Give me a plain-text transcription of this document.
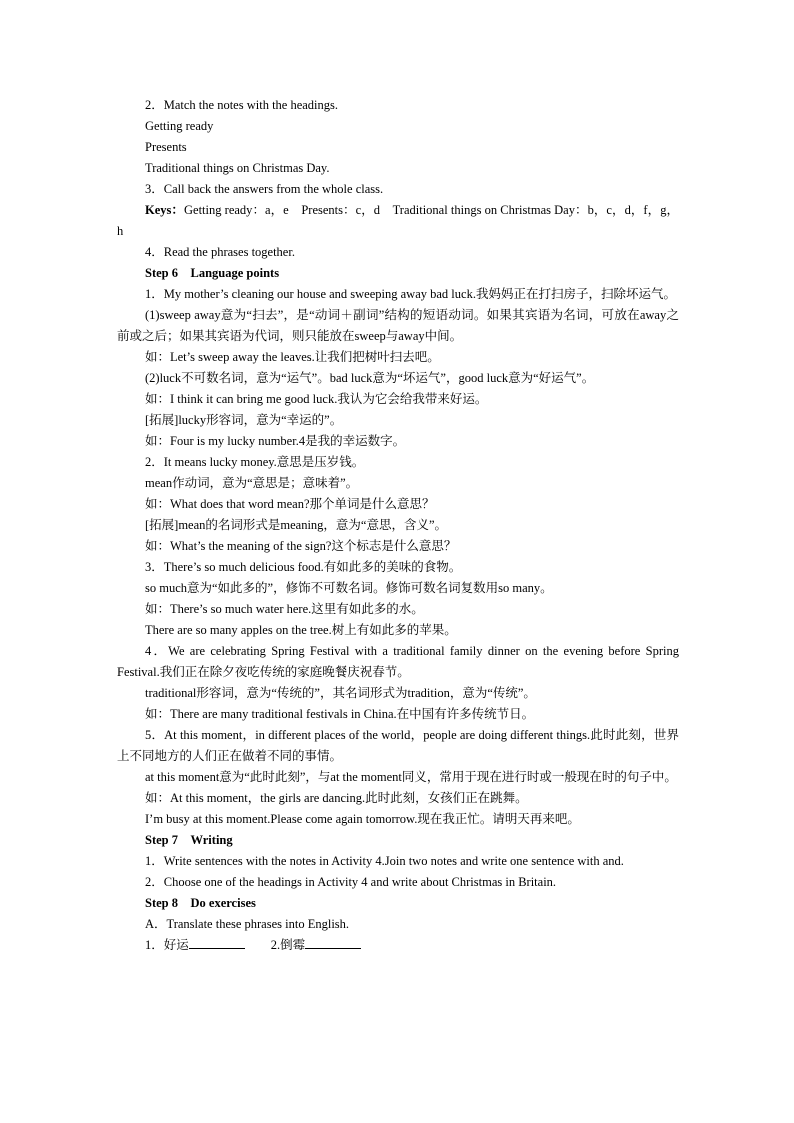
2．Match the notes with the headings.
Getting ready
Presents
Traditional things on Christmas Day.
3．Call back the answers from the whole class.
Keys：Getting ready：a，e　Presents：c，d　Traditional things on Christmas Day：b，c，d，f，g，h
4．Read the phrases together.
Step 6　Language points
1．My mother’s cleaning our house and sweeping away bad luck.我妈妈正在打扫房子，扫除坏运气。
(1)sweep away意为“扫去”，是“动词＋副词”结构的短语动词。如果其宾语为名词，可放在away之前或之后；如果其宾语为代词，则只能放在sweep与away中间。
如：Let’s sweep away the leaves.让我们把树叶扫去吧。
(2)luck不可数名词，意为“运气”。bad luck意为“坏运气”，good luck意为“好运气”。
如：I think it can bring me good luck.我认为它会给我带来好运。
[拓展]lucky形容词，意为“幸运的”。
如：Four is my lucky number.4是我的幸运数字。
2．It means lucky money.意思是压岁钱。
mean作动词，意为“意思是；意味着”。
如：What does that word mean?那个单词是什么意思？
[拓展]mean的名词形式是meaning，意为“意思，含义”。
如：What’s the meaning of the sign?这个标志是什么意思？
3．There’s so much delicious food.有如此多的美味的食物。
so much意为“如此多的”，修饰不可数名词。修饰可数名词复数用so many。
如：There’s so much water here.这里有如此多的水。
There are so many apples on the tree.树上有如此多的苹果。
4．We are celebrating Spring Festival with a traditional family dinner on the evening before Spring Festival.我们正在除夕夜吃传统的家庭晚餐庆祝春节。
traditional形容词，意为“传统的”，其名词形式为tradition，意为“传统”。
如：There are many traditional festivals in China.在中国有许多传统节日。
5．At this moment，in different places of the world，people are doing different things.此时此刻，世界上不同地方的人们正在做着不同的事情。
at this moment意为“此时此刻”，与at the moment同义，常用于现在进行时或一般现在时的句子中。
如：At this moment，the girls are dancing.此时此刻，女孩们正在跳舞。
I’m busy at this moment.Please come again tomorrow.现在我正忙。请明天再来吧。
Step 7　Writing
1．Write sentences with the notes in Activity 4.Join two notes and write one sentence with and.
2．Choose one of the headings in Activity 4 and write about Christmas in Britain.
Step 8　Do exercises
A．Translate these phrases into English.
1．好运	2.倒霉
